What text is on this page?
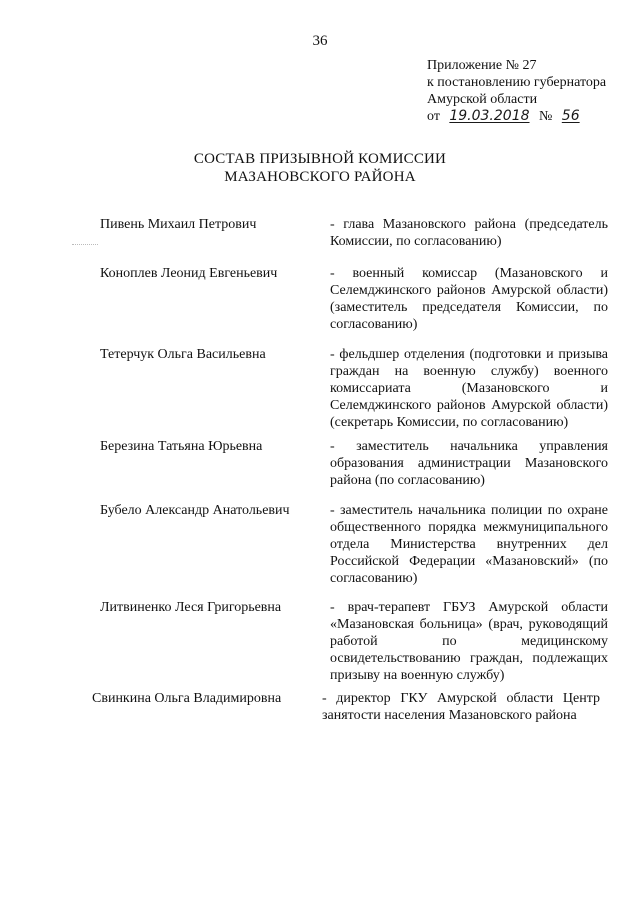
36
Приложение № 27
к постановлению губернатора
Амурской области
от 19.03.2018 № 56
СОСТАВ ПРИЗЫВНОЙ КОМИССИИ
МАЗАНОВСКОГО РАЙОНА
Пивень Михаил Петрович	- глава Мазановского района (председатель Комиссии, по согласованию)
Коноплев Леонид Евгеньевич	- военный комиссар (Мазановского и Селемджинского районов Амурской области) (заместитель председателя Комиссии, по согласованию)
Тетерчук Ольга Васильевна	- фельдшер отделения (подготовки и призыва граждан на военную службу) военного комиссариата (Мазановского и Селемджинского районов Амурской области) (секретарь Комиссии, по согласованию)
Березина Татьяна Юрьевна	- заместитель начальника управления образования администрации Мазановского района (по согласованию)
Бубело Александр Анатольевич	- заместитель начальника полиции по охране общественного порядка межмуниципального отдела Министерства внутренних дел Российской Федерации «Мазановский» (по согласованию)
Литвиненко Леся Григорьевна	- врач-терапевт ГБУЗ Амурской области «Мазановская больница» (врач, руководящий работой по медицинскому освидетельствованию граждан, подлежащих призыву на военную службу)
Свинкина Ольга Владимировна	- директор ГКУ Амурской области Центр занятости населения Мазановского района
